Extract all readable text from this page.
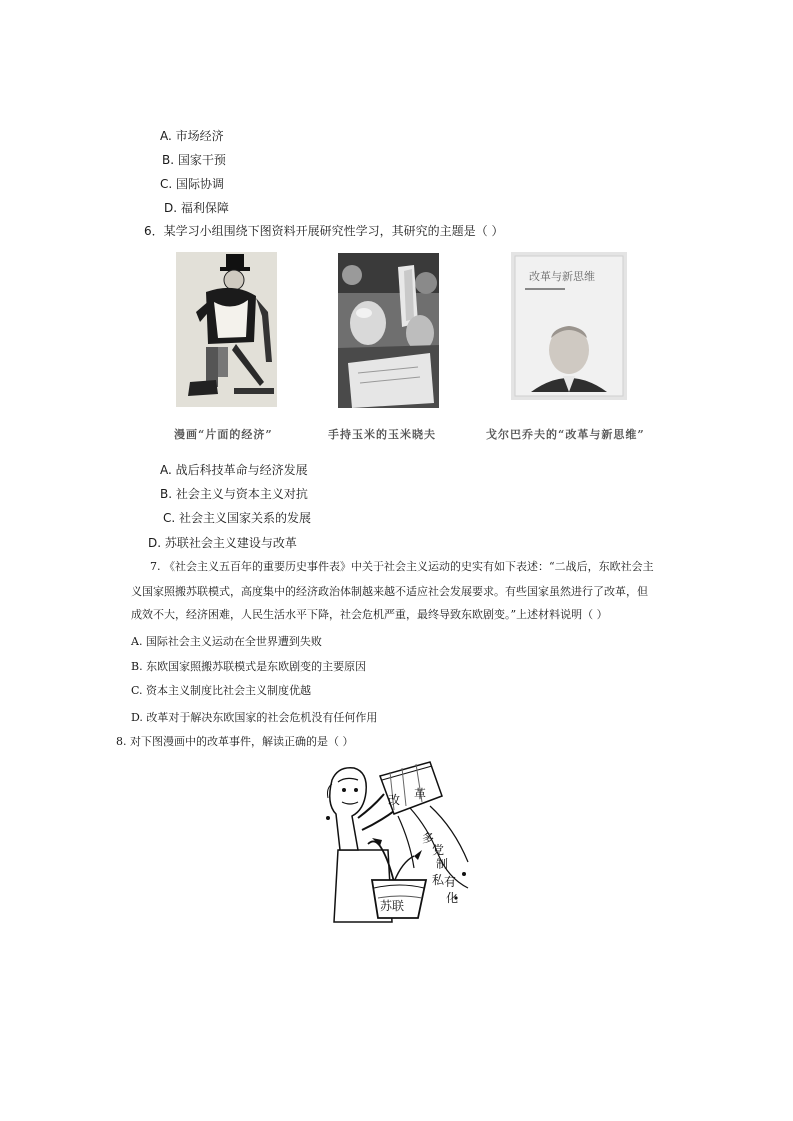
A. 市场经济
B. 国家干预
C. 国际协调
D. 福利保障
6．某学习小组围绕下图资料开展研究性学习，其研究的主题是（ ）
改革与新思维
漫画“片面的经济”	手持玉米的玉米晓夫	戈尔巴乔夫的“改革与新思维”
A. 战后科技革命与经济发展
B. 社会主义与资本主义对抗
C. 社会主义国家关系的发展
D. 苏联社会主义建设与改革
7. 《社会主义五百年的重要历史事件表》中关于社会主义运动的史实有如下表述：“二战后，东欧社会主
义国家照搬苏联模式，高度集中的经济政治体制越来越不适应社会发展要求。有些国家虽然进行了改革，但
成效不大，经济困难，人民生活水平下降，社会危机严重，最终导致东欧剧变。”上述材料说明（ ）
A. 国际社会主义运动在全世界遭到失败
B. 东欧国家照搬苏联模式是东欧剧变的主要原因
C. 资本主义制度比社会主义制度优越
D. 改革对于解决东欧国家的社会危机没有任何作用
8. 对下图漫画中的改革事件，解读正确的是（ ）
改 革
多
党
制
私 有
化
苏联
